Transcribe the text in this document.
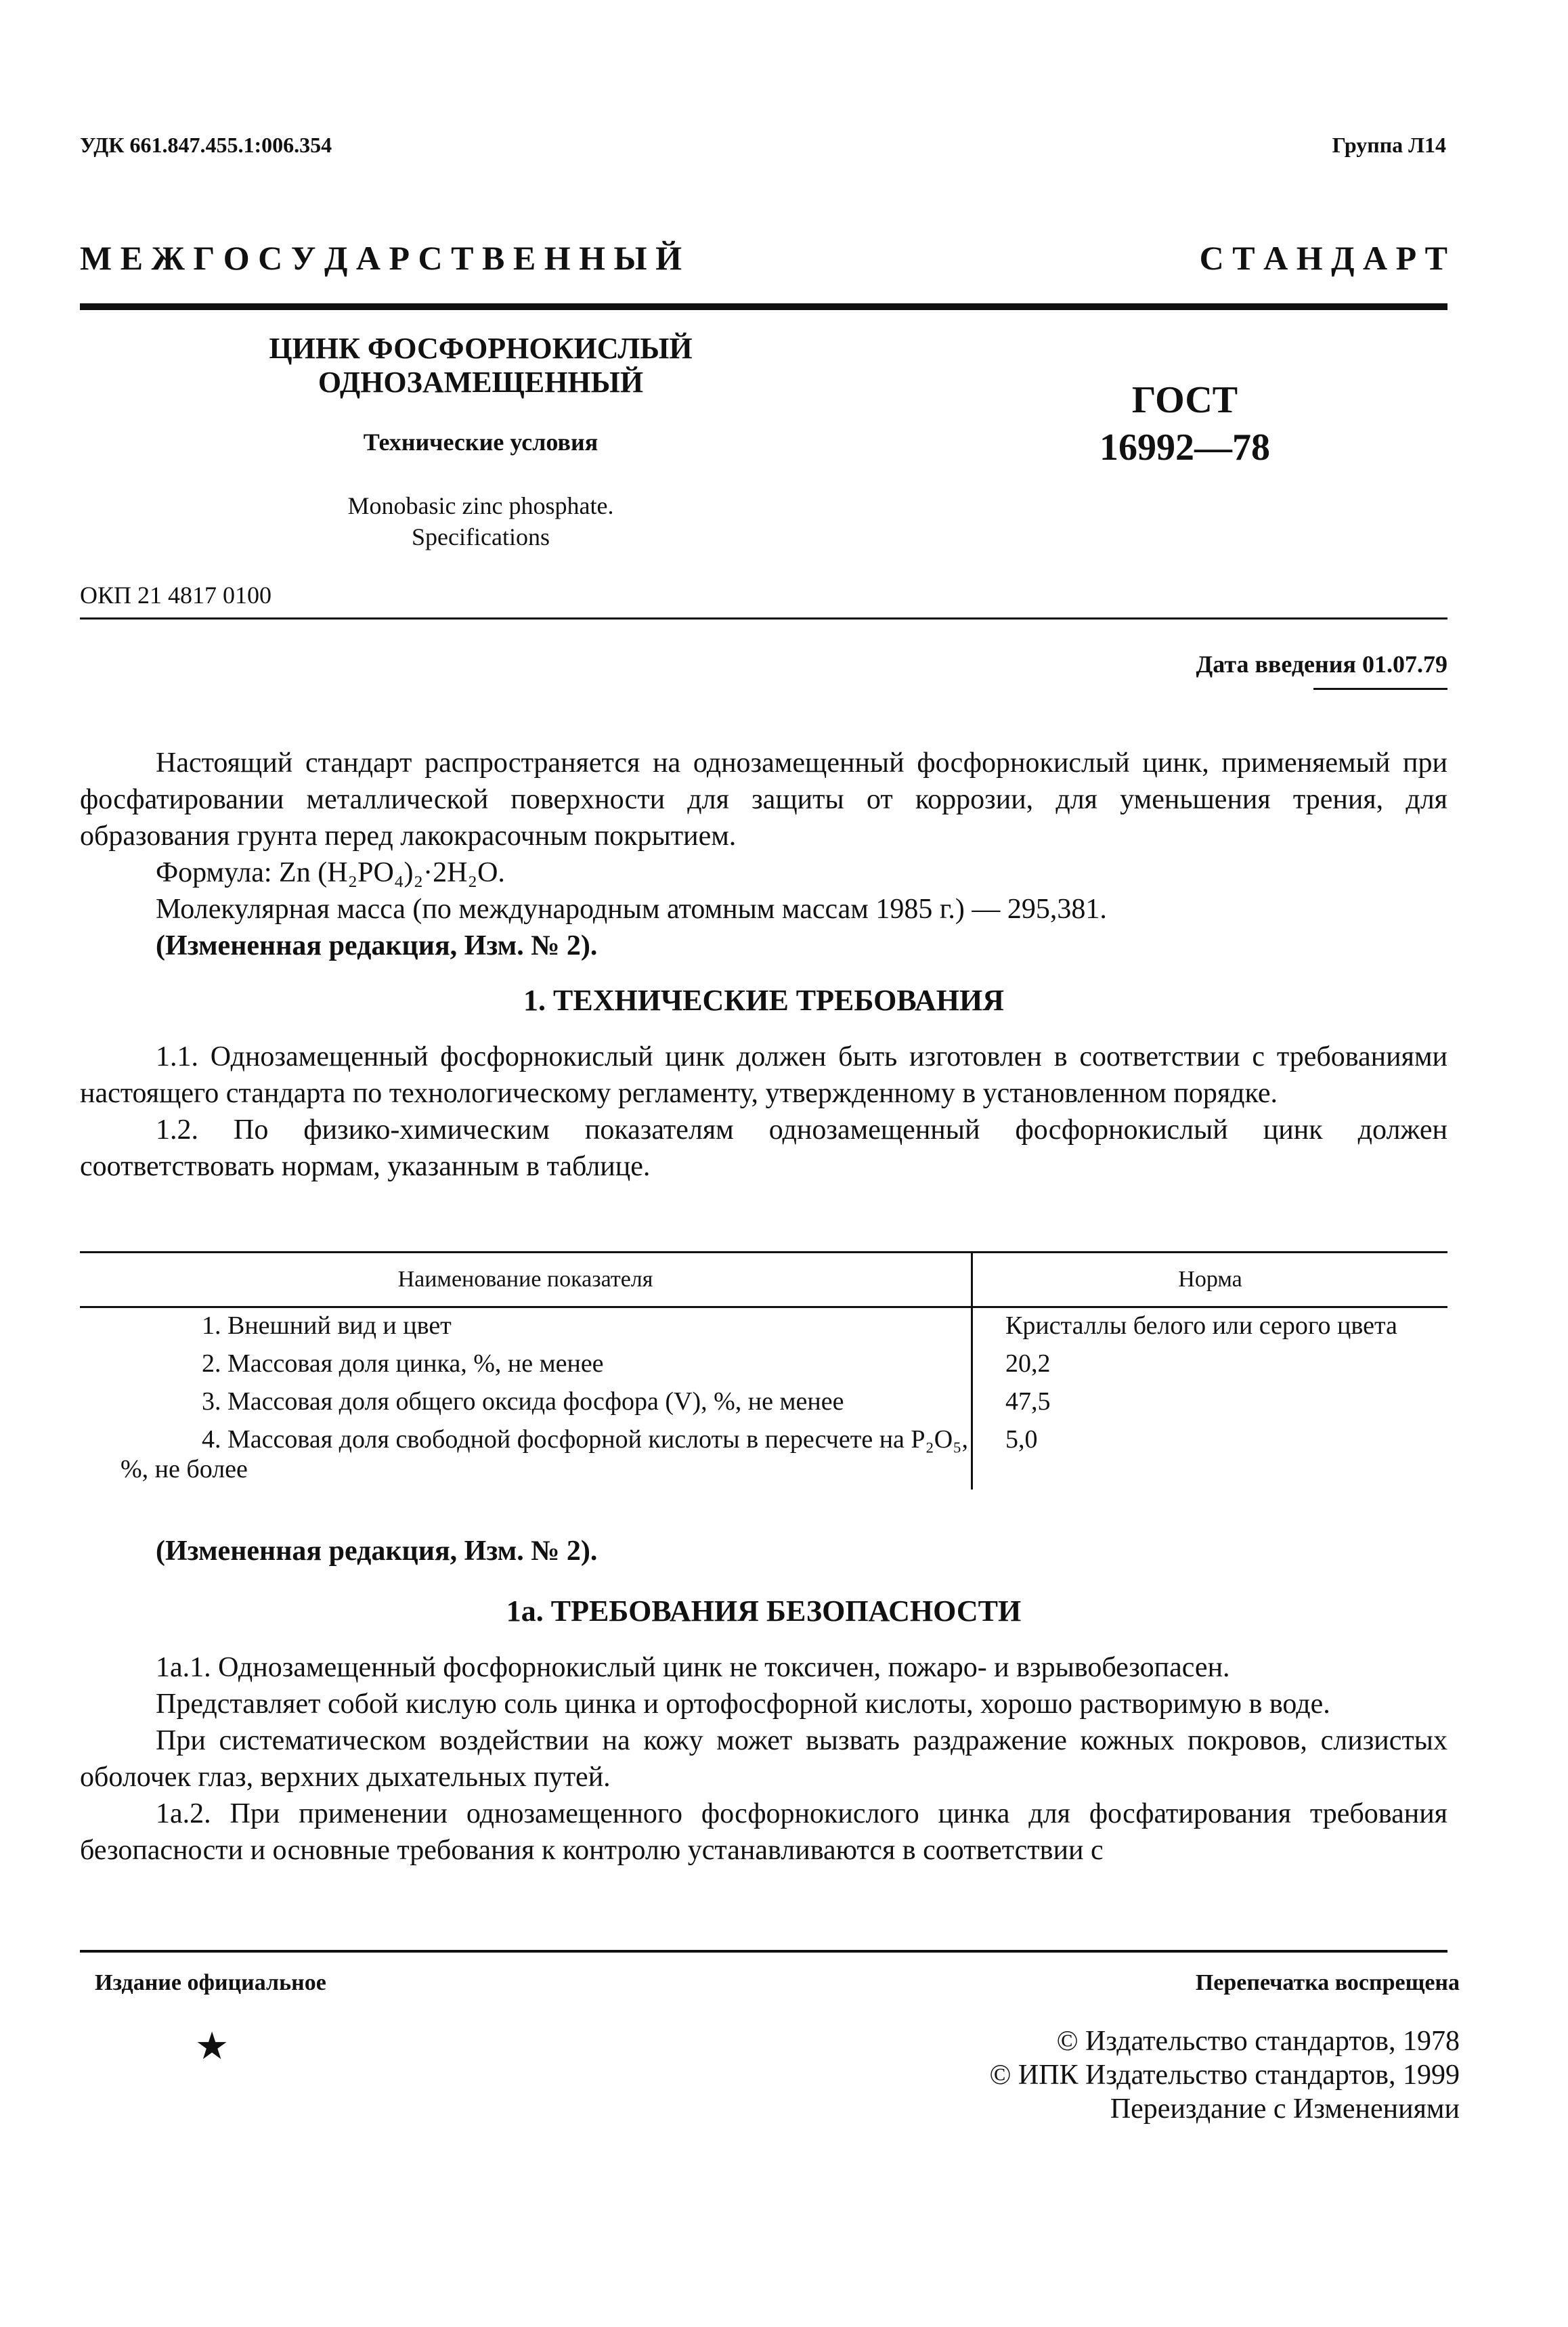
УДК 661.847.455.1:006.354	Группа Л14
М Е Ж Г О С У Д А Р С Т В Е Н Н Ы Й	С Т А Н Д А Р Т
ЦИНК ФОСФОРНОКИСЛЫЙ
ОДНОЗАМЕЩЕННЫЙ
Технические условия
Monobasic zinc phosphate.
Specifications
ГОСТ
16992—78
ОКП 21 4817 0100
Дата введения 01.07.79
Настоящий стандарт распространяется на однозамещенный фосфорнокислый цинк, применяемый при фосфатировании металлической поверхности для защиты от коррозии, для уменьшения трения, для образования грунта перед лакокрасочным покрытием.
Формула: Zn (H₂PO₄)₂·2H₂O.
Молекулярная масса (по международным атомным массам 1985 г.) — 295,381.
(Измененная редакция, Изм. № 2).
1. ТЕХНИЧЕСКИЕ ТРЕБОВАНИЯ
1.1. Однозамещенный фосфорнокислый цинк должен быть изготовлен в соответствии с требованиями настоящего стандарта по технологическому регламенту, утвержденному в установленном порядке.
1.2. По физико-химическим показателям однозамещенный фосфорнокислый цинк должен соответствовать нормам, указанным в таблице.
Наименование показателя	Норма
1. Внешний вид и цвет	Кристаллы белого или серого цвета
2. Массовая доля цинка, %, не менее	20,2
3. Массовая доля общего оксида фосфора (V), %, не менее	47,5
4. Массовая доля свободной фосфорной кислоты в пересчете на P₂O₅, %, не более	5,0
(Измененная редакция, Изм. № 2).
1а. ТРЕБОВАНИЯ БЕЗОПАСНОСТИ
1а.1. Однозамещенный фосфорнокислый цинк не токсичен, пожаро- и взрывобезопасен.
Представляет собой кислую соль цинка и ортофосфорной кислоты, хорошо растворимую в воде.
При систематическом воздействии на кожу может вызвать раздражение кожных покровов, слизистых оболочек глаз, верхних дыхательных путей.
1а.2. При применении однозамещенного фосфорнокислого цинка для фосфатирования требования безопасности и основные требования к контролю устанавливаются в соответствии с
Издание официальное	Перепечатка воспрещена
★	© Издательство стандартов, 1978
© ИПК Издательство стандартов, 1999
Переиздание с Изменениями
